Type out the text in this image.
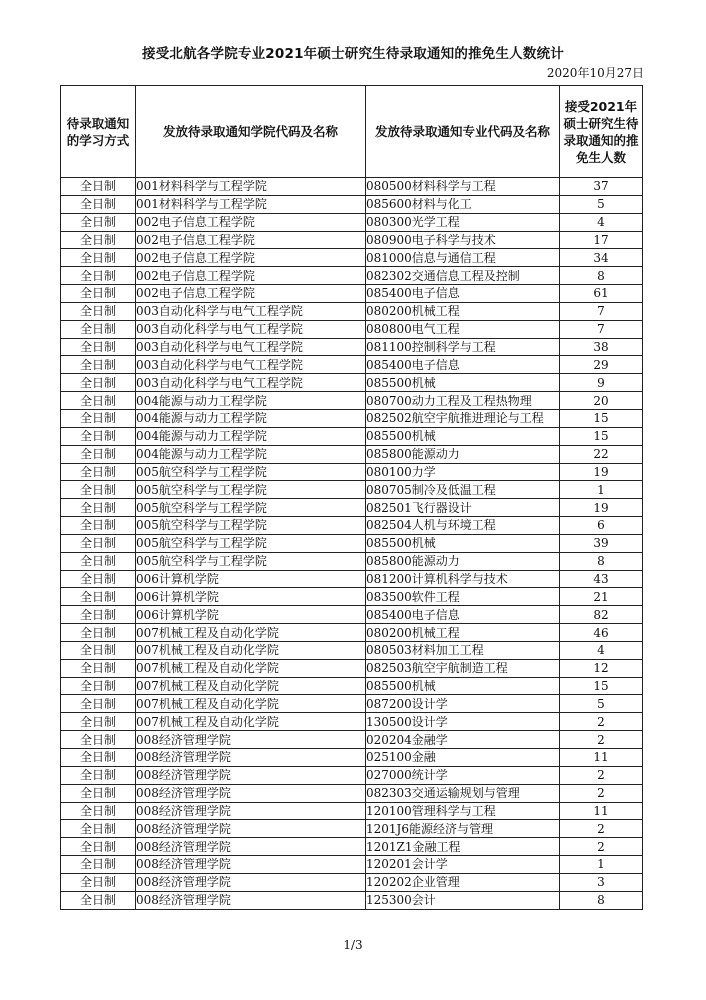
接受北航各学院专业2021年硕士研究生待录取通知的推免生人数统计
2020年10月27日
待录取通知的学习方式	发放待录取通知学院代码及名称	发放待录取通知专业代码及名称	接受2021年硕士研究生待录取通知的推免生人数
全日制	001材料科学与工程学院	080500材料科学与工程	37
全日制	001材料科学与工程学院	085600材料与化工	5
全日制	002电子信息工程学院	080300光学工程	4
全日制	002电子信息工程学院	080900电子科学与技术	17
全日制	002电子信息工程学院	081000信息与通信工程	34
全日制	002电子信息工程学院	082302交通信息工程及控制	8
全日制	002电子信息工程学院	085400电子信息	61
全日制	003自动化科学与电气工程学院	080200机械工程	7
全日制	003自动化科学与电气工程学院	080800电气工程	7
全日制	003自动化科学与电气工程学院	081100控制科学与工程	38
全日制	003自动化科学与电气工程学院	085400电子信息	29
全日制	003自动化科学与电气工程学院	085500机械	9
全日制	004能源与动力工程学院	080700动力工程及工程热物理	20
全日制	004能源与动力工程学院	082502航空宇航推进理论与工程	15
全日制	004能源与动力工程学院	085500机械	15
全日制	004能源与动力工程学院	085800能源动力	22
全日制	005航空科学与工程学院	080100力学	19
全日制	005航空科学与工程学院	080705制冷及低温工程	1
全日制	005航空科学与工程学院	082501飞行器设计	19
全日制	005航空科学与工程学院	082504人机与环境工程	6
全日制	005航空科学与工程学院	085500机械	39
全日制	005航空科学与工程学院	085800能源动力	8
全日制	006计算机学院	081200计算机科学与技术	43
全日制	006计算机学院	083500软件工程	21
全日制	006计算机学院	085400电子信息	82
全日制	007机械工程及自动化学院	080200机械工程	46
全日制	007机械工程及自动化学院	080503材料加工工程	4
全日制	007机械工程及自动化学院	082503航空宇航制造工程	12
全日制	007机械工程及自动化学院	085500机械	15
全日制	007机械工程及自动化学院	087200设计学	5
全日制	007机械工程及自动化学院	130500设计学	2
全日制	008经济管理学院	020204金融学	2
全日制	008经济管理学院	025100金融	11
全日制	008经济管理学院	027000统计学	2
全日制	008经济管理学院	082303交通运输规划与管理	2
全日制	008经济管理学院	120100管理科学与工程	11
全日制	008经济管理学院	1201J6能源经济与管理	2
全日制	008经济管理学院	1201Z1金融工程	2
全日制	008经济管理学院	120201会计学	1
全日制	008经济管理学院	120202企业管理	3
全日制	008经济管理学院	125300会计	8
1/3
